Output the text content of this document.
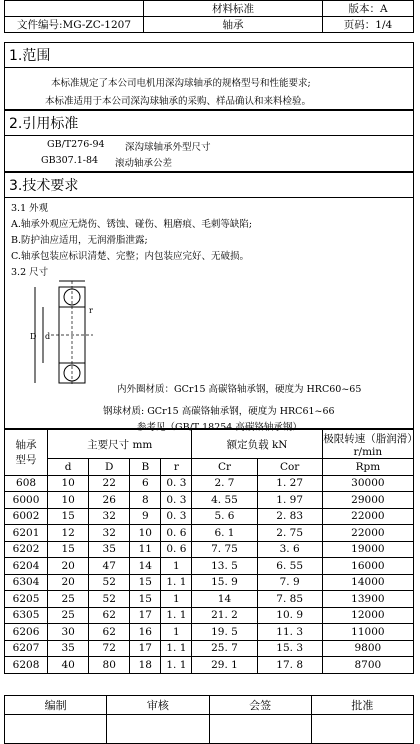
	材料标准	版本：A
文件编号:MG-ZC-1207	轴承	页码：1/4
1.范围
本标准规定了本公司电机用深沟球轴承的规格型号和性能要求;
本标准适用于本公司深沟球轴承的采购、样品确认和来料检验。
2.引用标准
GB/T276-94 深沟球轴承外型尺寸
GB307.1-84 滚动轴承公差
3.技术要求
3.1 外观
A.轴承外观应无烧伤、锈蚀、碰伤、粗磨痕、毛刺等缺陷;
B.防护油应适用，无润滑脂泄露;
C.轴承包装应标识清楚、完整；内包装应完好、无破损。
3.2 尺寸
d
r
D
内外圈材质：GCr15 高碳铬轴承钢，硬度为 HRC60~65
钢球材质: GCr15 高碳铬轴承钢，硬度为 HRC61~66
参考见（GB/T 18254 高碳铬轴承钢）
轴承
型号	主要尺寸 mm				额定负载 kN		极限转速（脂润滑）r/min
	d	D	B	r	Cr	Cor	Rpm
608	10	22	6	0. 3	2. 7	1. 27	30000
6000	10	26	8	0. 3	4. 55	1. 97	29000
6002	15	32	9	0. 3	5. 6	2. 83	22000
6201	12	32	10	0. 6	6. 1	2. 75	22000
6202	15	35	11	0. 6	7. 75	3. 6	19000
6204	20	47	14	1	13. 5	6. 55	16000
6304	20	52	15	1. 1	15. 9	7. 9	14000
6205	25	52	15	1	14	7. 85	13900
6305	25	62	17	1. 1	21. 2	10. 9	12000
6206	30	62	16	1	19. 5	11. 3	11000
6207	35	72	17	1. 1	25. 7	15. 3	9800
6208	40	80	18	1. 1	29. 1	17. 8	8700
编制	审核	会签	批准
